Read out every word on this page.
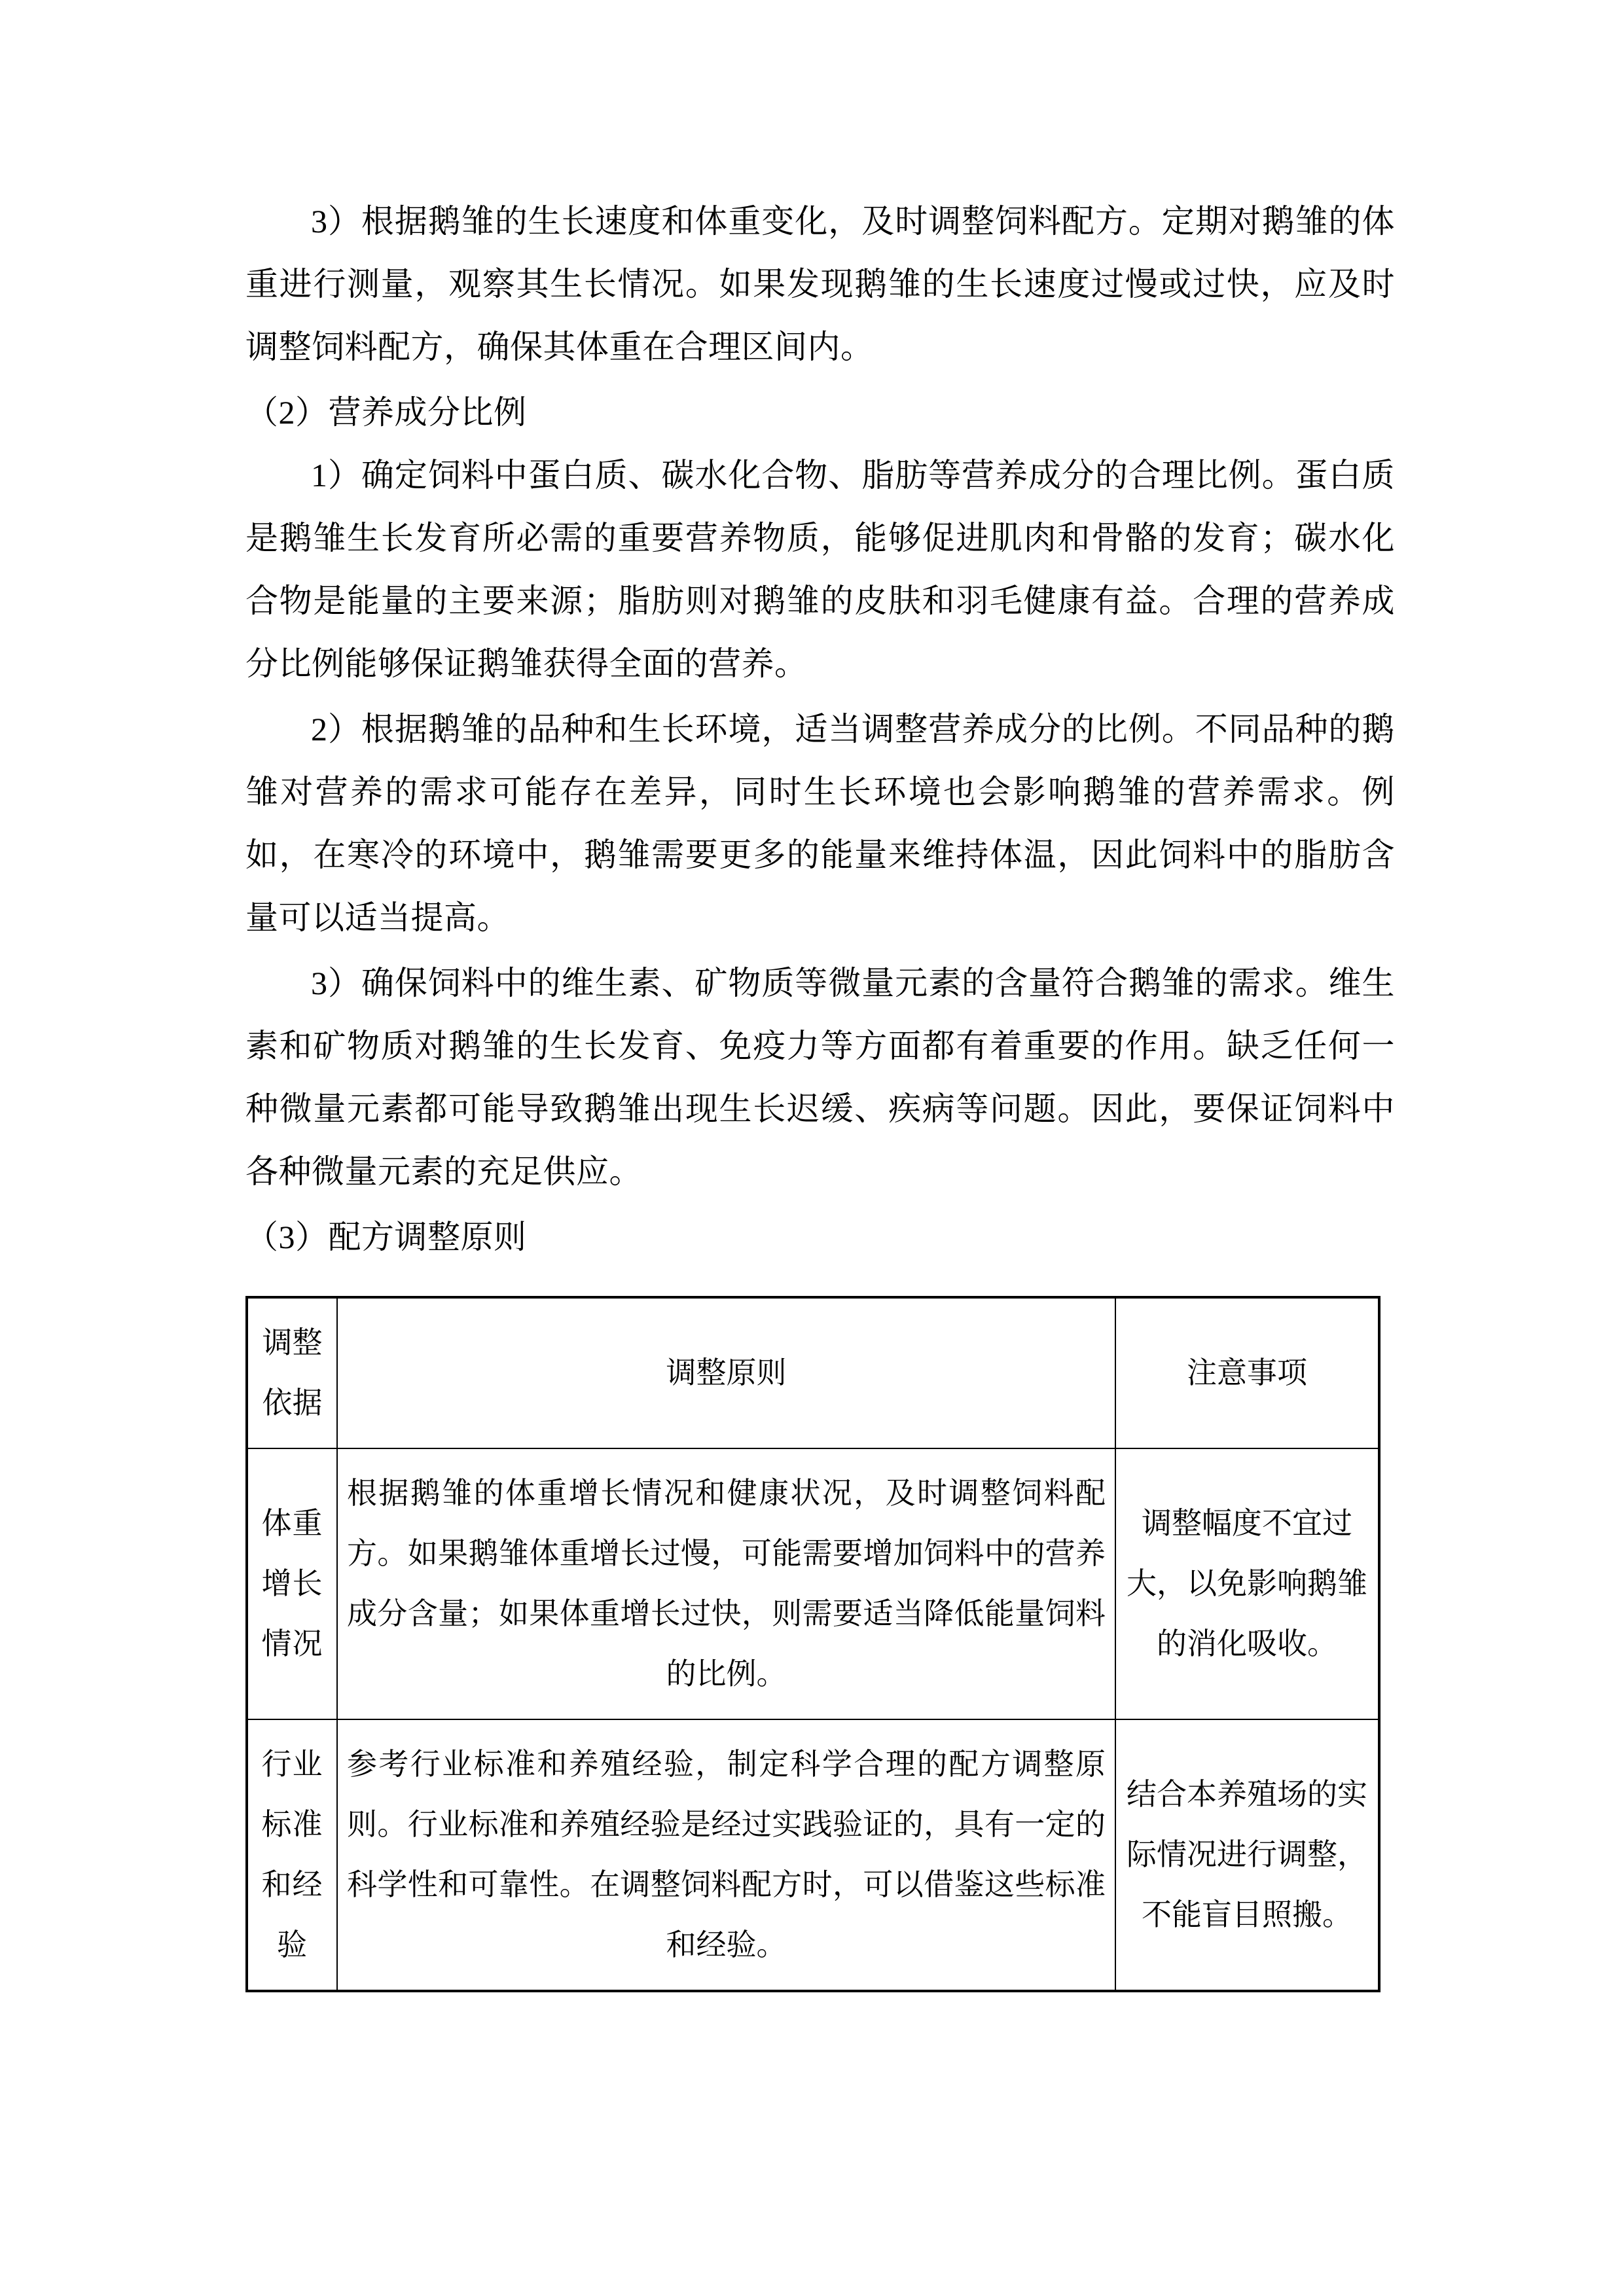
3）根据鹅雏的生长速度和体重变化，及时调整饲料配方。定期对鹅雏的体重进行测量，观察其生长情况。如果发现鹅雏的生长速度过慢或过快，应及时调整饲料配方，确保其体重在合理区间内。

（2）营养成分比例

1）确定饲料中蛋白质、碳水化合物、脂肪等营养成分的合理比例。蛋白质是鹅雏生长发育所必需的重要营养物质，能够促进肌肉和骨骼的发育；碳水化合物是能量的主要来源；脂肪则对鹅雏的皮肤和羽毛健康有益。合理的营养成分比例能够保证鹅雏获得全面的营养。

2）根据鹅雏的品种和生长环境，适当调整营养成分的比例。不同品种的鹅雏对营养的需求可能存在差异，同时生长环境也会影响鹅雏的营养需求。例如，在寒冷的环境中，鹅雏需要更多的能量来维持体温，因此饲料中的脂肪含量可以适当提高。

3）确保饲料中的维生素、矿物质等微量元素的含量符合鹅雏的需求。维生素和矿物质对鹅雏的生长发育、免疫力等方面都有着重要的作用。缺乏任何一种微量元素都可能导致鹅雏出现生长迟缓、疾病等问题。因此，要保证饲料中各种微量元素的充足供应。

（3）配方调整原则

调整依据	调整原则	注意事项
体重增长情况	根据鹅雏的体重增长情况和健康状况，及时调整饲料配方。如果鹅雏体重增长过慢，可能需要增加饲料中的营养成分含量；如果体重增长过快，则需要适当降低能量饲料的比例。	调整幅度不宜过大，以免影响鹅雏的消化吸收。
行业标准和经验	参考行业标准和养殖经验，制定科学合理的配方调整原则。行业标准和养殖经验是经过实践验证的，具有一定的科学性和可靠性。在调整饲料配方时，可以借鉴这些标准和经验。	结合本养殖场的实际情况进行调整，不能盲目照搬。
